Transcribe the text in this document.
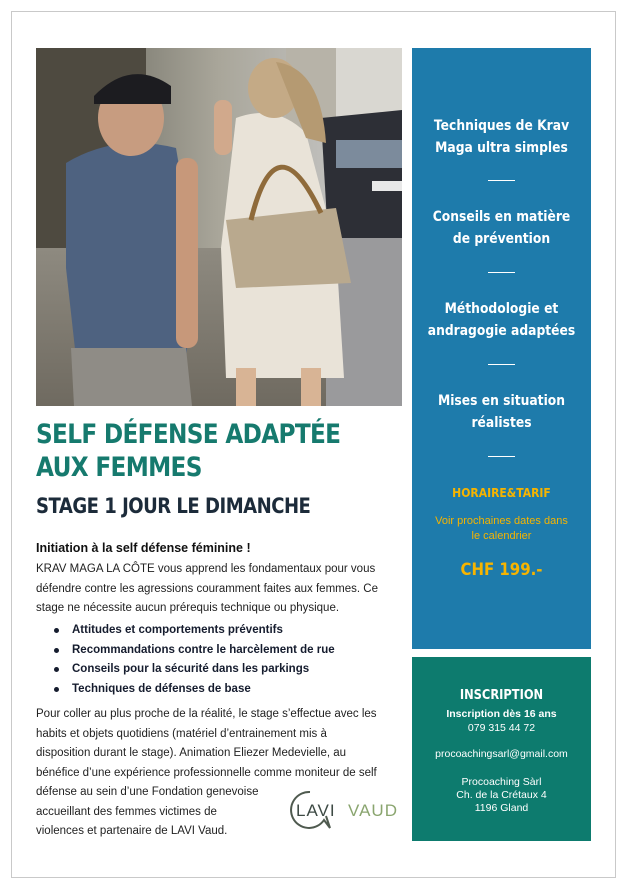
SELF DÉFENSE ADAPTÉE
AUX FEMMES
STAGE 1 JOUR LE DIMANCHE
Initiation à la self défense féminine !
KRAV MAGA LA CÔTE vous apprend les fondamentaux pour vous défendre contre les agressions couramment faites aux femmes. Ce stage ne nécessite aucun prérequis technique ou physique.
Attitudes et comportements préventifs
Recommandations contre le harcèlement de rue
Conseils pour la sécurité dans les parkings
Techniques de défenses de base
Pour coller au plus proche de la réalité, le stage s’effectue avec les
habits et objets quotidiens (matériel d’entrainement mis à
disposition durant le stage). Animation Eliezer Medevielle, au
bénéfice d’une expérience professionnelle comme moniteur de self
défense au sein d’une Fondation genevoise
accueillant des femmes victimes de
violences et partenaire de LAVI Vaud.
LAVI VAUD
Techniques de Krav
Maga ultra simples
Conseils en matière
de prévention
Méthodologie et
andragogie adaptées
Mises en situation
réalistes
HORAIRE&TARIF
Voir prochaines dates dans
le calendrier
CHF 199.-
INSCRIPTION
Inscription dès 16 ans
079 315 44 72
procoachingsarl@gmail.com
Procoaching Sàrl
Ch. de la Crétaux 4
1196 Gland
